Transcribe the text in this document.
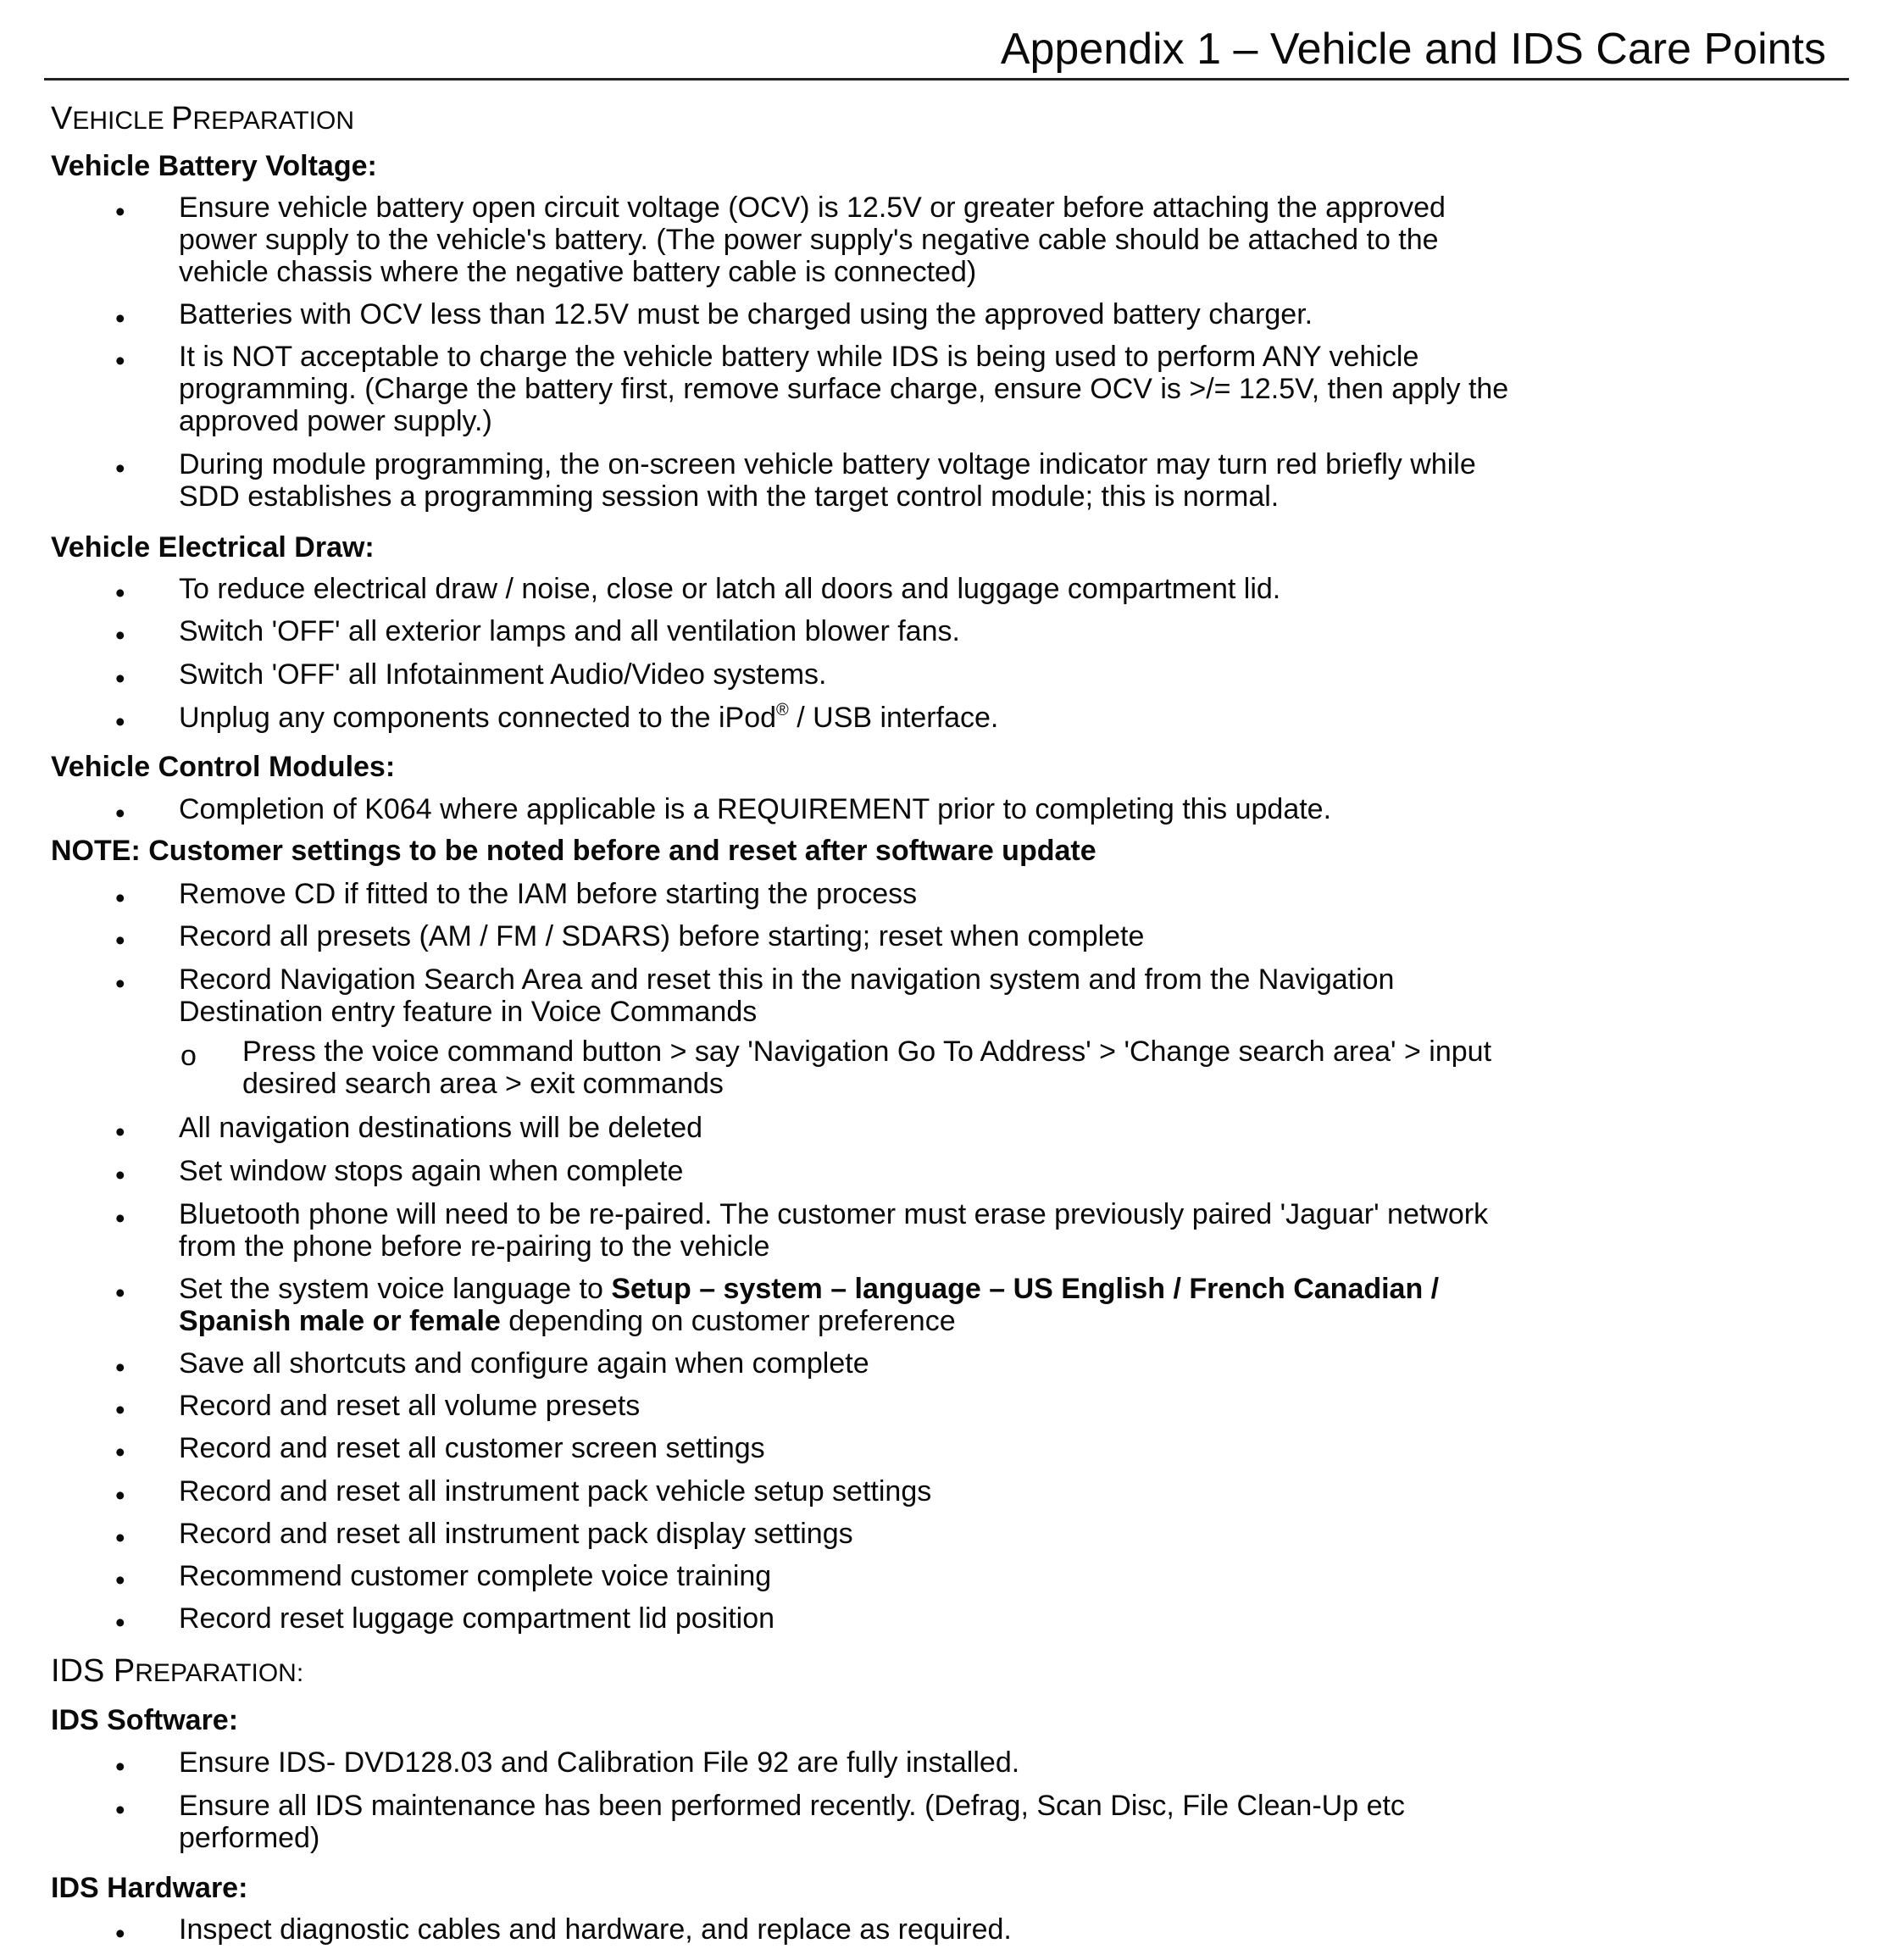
Appendix 1 – Vehicle and IDS Care Points
VEHICLE PREPARATION
Vehicle Battery Voltage:
• Ensure vehicle battery open circuit voltage (OCV) is 12.5V or greater before attaching the approved
power supply to the vehicle's battery. (The power supply's negative cable should be attached to the
vehicle chassis where the negative battery cable is connected)
• Batteries with OCV less than 12.5V must be charged using the approved battery charger.
• It is NOT acceptable to charge the vehicle battery while IDS is being used to perform ANY vehicle
programming. (Charge the battery first, remove surface charge, ensure OCV is >/= 12.5V, then apply the
approved power supply.)
• During module programming, the on-screen vehicle battery voltage indicator may turn red briefly while
SDD establishes a programming session with the target control module; this is normal.
Vehicle Electrical Draw:
• To reduce electrical draw / noise, close or latch all doors and luggage compartment lid.
• Switch 'OFF' all exterior lamps and all ventilation blower fans.
• Switch 'OFF' all Infotainment Audio/Video systems.
• Unplug any components connected to the iPod® / USB interface.
Vehicle Control Modules:
• Completion of K064 where applicable is a REQUIREMENT prior to completing this update.
NOTE: Customer settings to be noted before and reset after software update
• Remove CD if fitted to the IAM before starting the process
• Record all presets (AM / FM / SDARS) before starting; reset when complete
• Record Navigation Search Area and reset this in the navigation system and from the Navigation
Destination entry feature in Voice Commands
o Press the voice command button > say 'Navigation Go To Address' > 'Change search area' > input
desired search area > exit commands
• All navigation destinations will be deleted
• Set window stops again when complete
• Bluetooth phone will need to be re-paired. The customer must erase previously paired 'Jaguar' network
from the phone before re-pairing to the vehicle
• Set the system voice language to Setup – system – language – US English / French Canadian /
Spanish male or female depending on customer preference
• Save all shortcuts and configure again when complete
• Record and reset all volume presets
• Record and reset all customer screen settings
• Record and reset all instrument pack vehicle setup settings
• Record and reset all instrument pack display settings
• Recommend customer complete voice training
• Record reset luggage compartment lid position
IDS PREPARATION:
IDS Software:
• Ensure IDS- DVD128.03 and Calibration File 92 are fully installed.
• Ensure all IDS maintenance has been performed recently. (Defrag, Scan Disc, File Clean-Up etc
performed)
IDS Hardware:
• Inspect diagnostic cables and hardware, and replace as required.
